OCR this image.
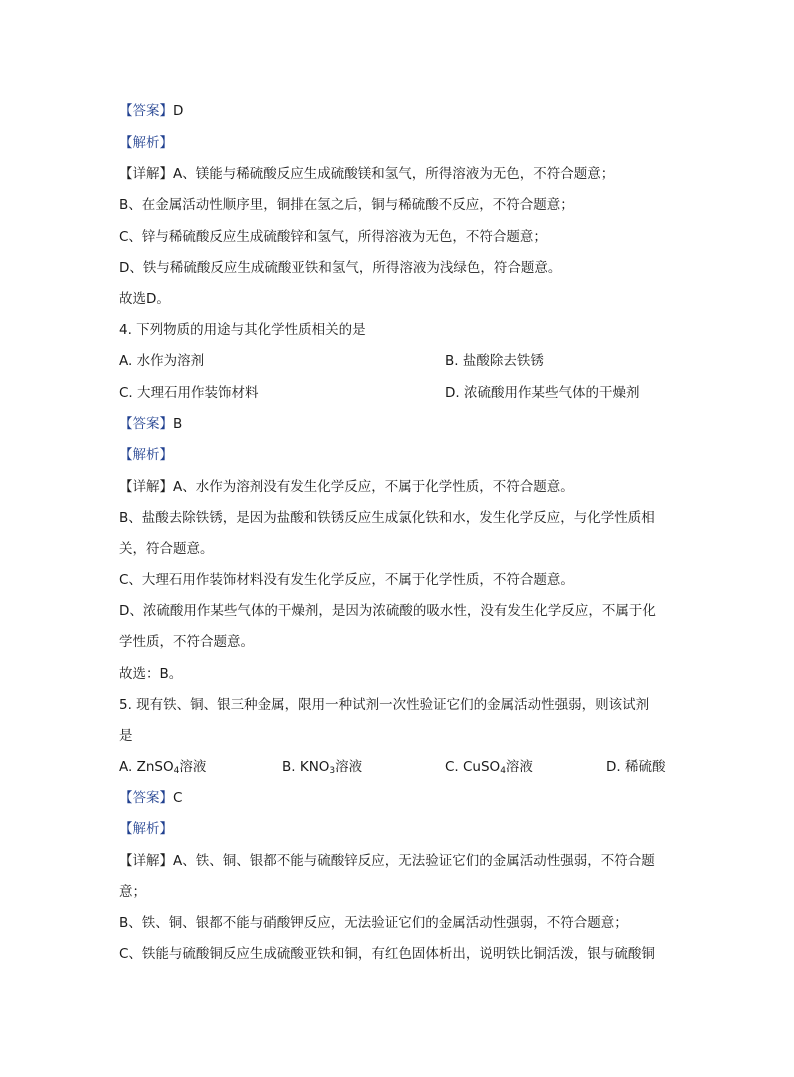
【答案】D
【解析】
【详解】A、镁能与稀硫酸反应生成硫酸镁和氢气，所得溶液为无色，不符合题意；
B、在金属活动性顺序里，铜排在氢之后，铜与稀硫酸不反应，不符合题意；
C、锌与稀硫酸反应生成硫酸锌和氢气，所得溶液为无色，不符合题意；
D、铁与稀硫酸反应生成硫酸亚铁和氢气，所得溶液为浅绿色，符合题意。
故选D。
4. 下列物质的用途与其化学性质相关的是
A. 水作为溶剂	B. 盐酸除去铁锈
C. 大理石用作装饰材料	D. 浓硫酸用作某些气体的干燥剂
【答案】B
【解析】
【详解】A、水作为溶剂没有发生化学反应，不属于化学性质，不符合题意。
B、盐酸去除铁锈，是因为盐酸和铁锈反应生成氯化铁和水，发生化学反应，与化学性质相
关，符合题意。
C、大理石用作装饰材料没有发生化学反应，不属于化学性质，不符合题意。
D、浓硫酸用作某些气体的干燥剂，是因为浓硫酸的吸水性，没有发生化学反应，不属于化
学性质，不符合题意。
故选：B。
5. 现有铁、铜、银三种金属，限用一种试剂一次性验证它们的金属活动性强弱，则该试剂
是
A. ZnSO$_4$溶液	B. $KNO_3$溶液	C. CuSO$_4$溶液	D. 稀硫酸
【答案】C
【解析】
【详解】A、铁、铜、银都不能与硫酸锌反应，无法验证它们的金属活动性强弱，不符合题
意；
B、铁、铜、银都不能与硝酸钾反应，无法验证它们的金属活动性强弱，不符合题意；
C、铁能与硫酸铜反应生成硫酸亚铁和铜，有红色固体析出，说明铁比铜活泼，银与硫酸铜
